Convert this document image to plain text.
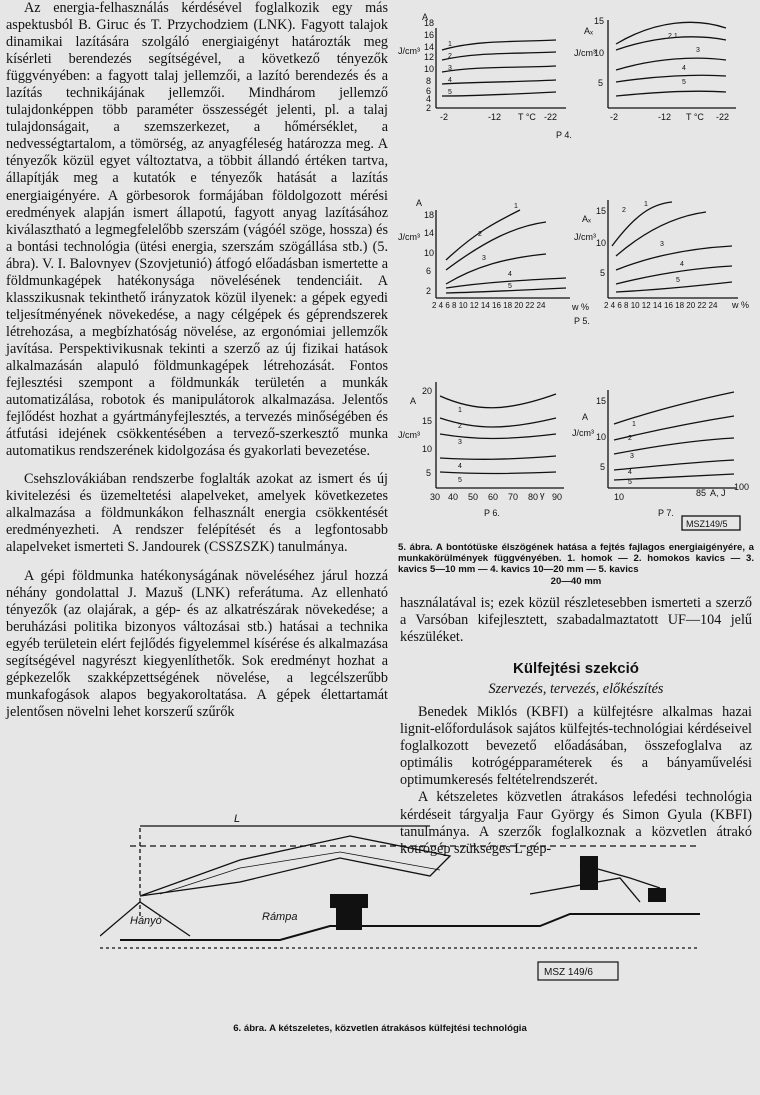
Az energia-felhasználás kérdésével foglalkozik egy más aspektusból B. Giruc és T. Przychodziem (LNK). Fagyott talajok dinamikai lazítására szolgáló energiaigényt határozták meg kísérleti berendezés segítségével, a következő tényezők függvényében: a fagyott talaj jellemzői, a lazító berendezés és a lazítás technikájának jellemzői. Mindhárom jellemző tulajdonképpen több paraméter összességét jelenti, pl. a talaj tulajdonságait, a szemszerkezet, a hőmérséklet, a nedvességtartalom, a tömörség, az anyagféleség határozza meg. A tényezők közül egyet változtatva, a többit állandó értéken tartva, állapítják meg a kutatók e tényezők hatását a lazítás energiaigényére. A görbesorok formájában földolgozott mérési eredmények alapján ismert állapotú, fagyott anyag lazításához kiválasztható a legmegfelelőbb szerszám (vágóél szöge, hossza) és a bontási technológia (ütési energia, szerszám szögállása stb.) (5. ábra). V. I. Balovnyev (Szovjetunió) átfogó előadásban ismertette a földmunkagépek hatékonysága növelésének tendenciáit. A klasszikusnak tekinthető irányzatok közül ilyenek: a gépek egyedi teljesítményének növekedése, a nagy célgépek és géprendszerek létrehozása, a megbízhatóság növelése, az ergonómiai jellemzők javítása. Perspektivikusnak tekinti a szerző az új fizikai hatások alkalmazásán alapuló földmunkagépek létrehozását. Fontos fejlesztési szempont a földmunkák területén a munkák automatizálása, robotok és manipulátorok alkalmazása. Jelentős fejlődést hozhat a gyártmányfejlesztés, a tervezés minőségében és átfutási idejének csökkentésében a tervező-szerkesztő munka automatikus rendszerének kidolgozása és gyakorlati bevezetése.

Csehszlovákiában rendszerbe foglalták azokat az ismert és új kivitelezési és üzemeltetési alapelveket, amelyek következetes alkalmazása a földmunkákon felhasznált energia csökkentését eredményezheti. A rendszer felépítését és a legfontosabb alapelveket ismerteti S. Jandourek (CSSZSZK) tanulmánya.

A gépi földmunka hatékonyságának növeléséhez járul hozzá néhány gondolattal J. Mazuš (LNK) referátuma. Az ellenható tényezők (az olajárak, a gép- és az alkatrészárak növekedése; a beruházási politika bizonyos változásai stb.) hatásai a technika egyéb területein elért fejlődés figyelemmel kísérése és alkalmazása segítségével nagyrészt kiegyenlíthetők. Sok eredményt hozhat a gépkezelők szakképzettségének növelése, a legcélszerűbb munkafogások alapos begyakoroltatása. A gépek élettartamát jelentősen növelni lehet korszerű szűrők

A
J/cm³
18
16
14
12
10
8
6
4
2
-2	-12	-22
T °C
Aₓ
J/cm³
15
10
5
-2	-12	-22
T °C
P 4.
A
J/cm³
18
14
10
6
2
2 4 6 8 10 12 14 16 18 20 22 24	w %
Aₓ
J/cm³
15
10
5
2 4 6 8 10 12 14 16 18 20 22 24 w %
P 5.
A
J/cm³
20
15
10
5
30 40 50 60 70 80 90
γ
P 6.
A
J/cm³
15
10
5
10	85 A, J
100
P 7.
MSZ149/5
1
2
3
4
5
2.1
3
4
5
1
2
3
4
5
1
2
3
4
5
1
2
3
4
5
1
2
3
4
5
5. ábra. A bontótüske élszögének hatása a fejtés fajlagos energiaigényére, a munkakörülmények függvényében. 1. homok — 2. homokos kavics — 3. kavics 5—10 mm — 4. kavics 10—20 mm — 5. kavics
20—40 mm

használatával is; ezek közül részletesebben ismerteti a szerző a Varsóban kifejlesztett, szabadalmaztatott UF—104 jelű készüléket.

Külfejtési szekció
Szervezés, tervezés, előkészítés

Benedek Miklós (KBFI) a külfejtésre alkalmas hazai lignit-előfordulások sajátos külfejtés-technológiai kérdéseivel foglalkozott bevezető előadásában, összefoglalva az optimális kotrógépparaméterek és a bányaművelési optimumkeresés feltételrendszerét.

A kétszeletes közvetlen átrakásos lefedési technológia kérdéseit tárgyalja Faur György és Simon Gyula (KBFI) tanulmánya. A szerzők foglalkoznak a közvetlen átrakó kotrógép szükséges L gép-

L
Hányó	Rámpa
MSZ 149/6
6. ábra. A kétszeletes, közvetlen átrakásos külfejtési technológia
